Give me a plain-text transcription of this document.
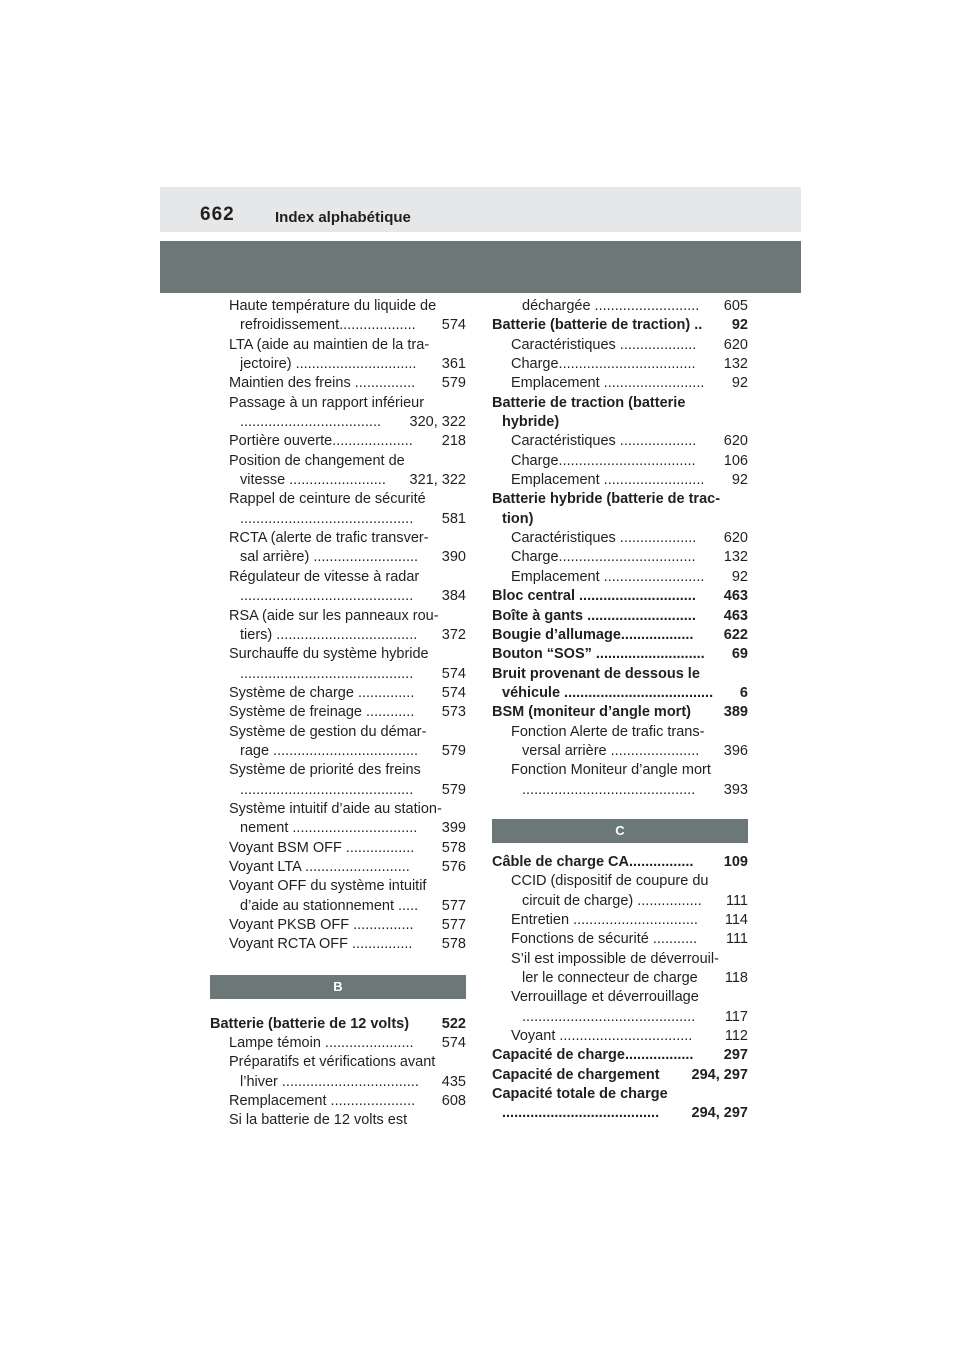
662	Index alphabétique
Haute température du liquide de
refroidissement................... 574
LTA (aide au maintien de la tra-
jectoire) .............................. 361
Maintien des freins ............... 579
Passage à un rapport inférieur
................................... 320, 322
Portière ouverte.................... 218
Position de changement de
vitesse ........................ 321, 322
Rappel de ceinture de sécurité
........................................... 581
RCTA (alerte de trafic transver-
sal arrière) .......................... 390
Régulateur de vitesse à radar
........................................... 384
RSA (aide sur les panneaux rou-
tiers) ................................... 372
Surchauffe du système hybride
........................................... 574
Système de charge .............. 574
Système de freinage ............ 573
Système de gestion du démar-
rage .................................... 579
Système de priorité des freins
........................................... 579
Système intuitif d’aide au station-
nement ............................... 399
Voyant BSM OFF ................. 578
Voyant LTA .......................... 576
Voyant OFF du système intuitif
d’aide au stationnement ..... 577
Voyant PKSB OFF ............... 577
Voyant RCTA OFF ............... 578
B
Batterie (batterie de 12 volts) 522
Lampe témoin ...................... 574
Préparatifs et vérifications avant
l’hiver .................................. 435
Remplacement ..................... 608
Si la batterie de 12 volts est
déchargée .......................... 605
Batterie (batterie de traction) .. 92
Caractéristiques ................... 620
Charge.................................. 132
Emplacement ......................... 92
Batterie de traction (batterie
hybride)
Caractéristiques ................... 620
Charge.................................. 106
Emplacement ......................... 92
Batterie hybride (batterie de trac-
tion)
Caractéristiques ................... 620
Charge.................................. 132
Emplacement ......................... 92
Bloc central ............................. 463
Boîte à gants ........................... 463
Bougie d’allumage.................. 622
Bouton “SOS” ........................... 69
Bruit provenant de dessous le
véhicule ..................................... 6
BSM (moniteur d’angle mort) 389
Fonction Alerte de trafic trans-
versal arrière ...................... 396
Fonction Moniteur d’angle mort
........................................... 393
C
Câble de charge CA................ 109
CCID (dispositif de coupure du
circuit de charge) ................ 111
Entretien ............................... 114
Fonctions de sécurité ........... 111
S’il est impossible de déverrouil-
ler le connecteur de charge 118
Verrouillage et déverrouillage
........................................... 117
Voyant ................................. 112
Capacité de charge................. 297
Capacité de chargement 294, 297
Capacité totale de charge
....................................... 294, 297
